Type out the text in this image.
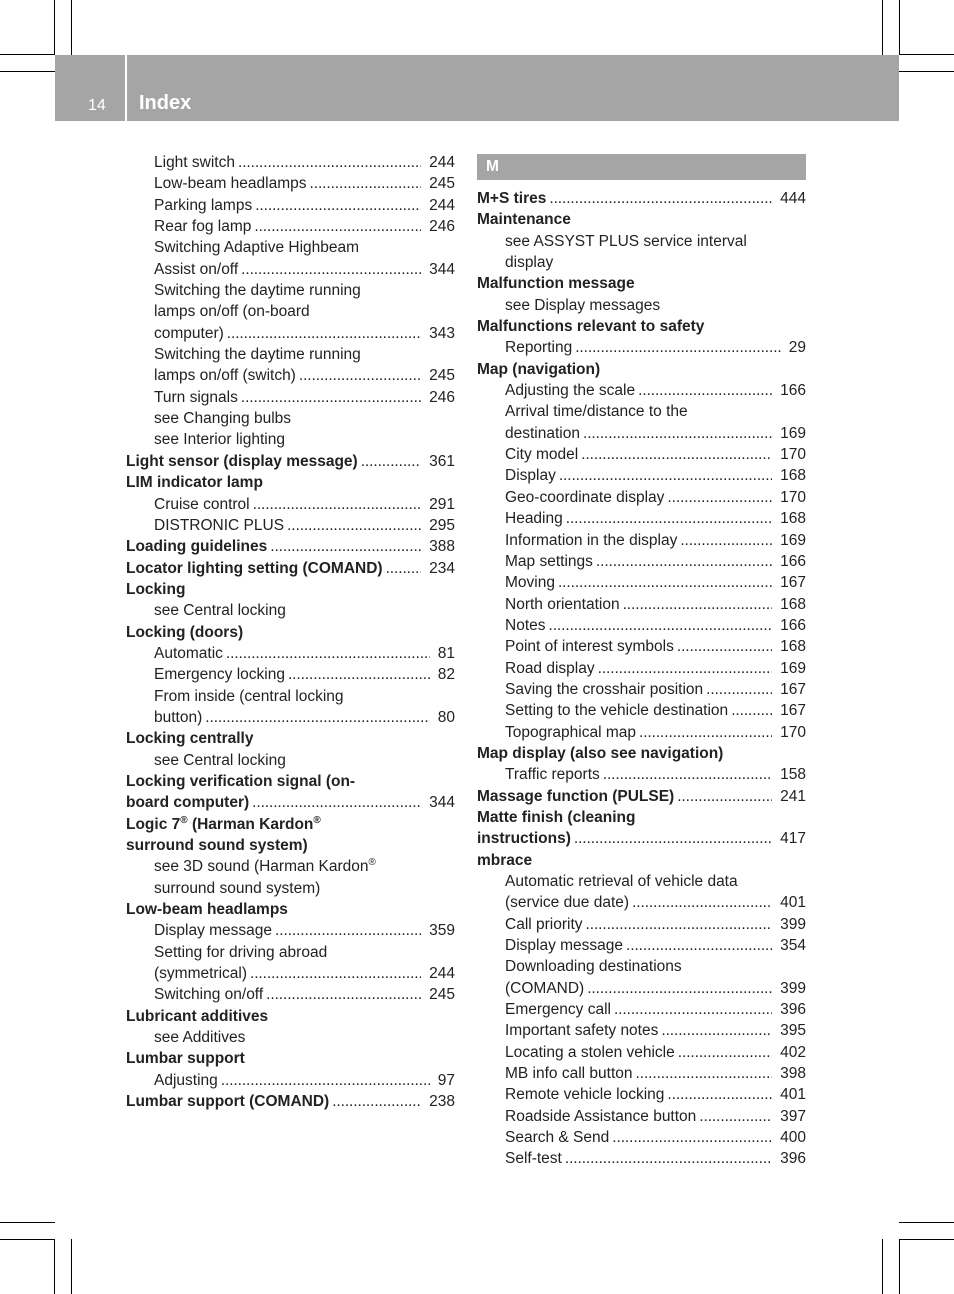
14 Index
Light switch . . .	244
Low-beam headlamps . . .	245
Parking lamps . . .	244
Rear fog lamp . . .	246
Switching Adaptive Highbeam
Assist on/off . . .	344
Switching the daytime running
lamps on/off (on-board
computer) . . .	343
Switching the daytime running
lamps on/off (switch) . . .	245
Turn signals . . .	246
see Changing bulbs
see Interior lighting
Light sensor (display message) . . .	361
LIM indicator lamp
Cruise control . . .	291
DISTRONIC PLUS . . .	295
Loading guidelines . . .	388
Locator lighting setting (COMAND) . . .	234
Locking
see Central locking
Locking (doors)
Automatic . . .	81
Emergency locking . . .	82
From inside (central locking
button) . . .	80
Locking centrally
see Central locking
Locking verification signal (on-
board computer) . . .	344
Logic 7® (Harman Kardon®
surround sound system)
see 3D sound (Harman Kardon®
surround sound system)
Low-beam headlamps
Display message . . .	359
Setting for driving abroad
(symmetrical) . . .	244
Switching on/off . . .	245
Lubricant additives
see Additives
Lumbar support
Adjusting . . .	97
Lumbar support (COMAND) . . .	238
M
M+S tires . . .	444
Maintenance
see ASSYST PLUS service interval
display
Malfunction message
see Display messages
Malfunctions relevant to safety
Reporting . . .	29
Map (navigation)
Adjusting the scale . . .	166
Arrival time/distance to the
destination . . .	169
City model . . .	170
Display . . .	168
Geo-coordinate display . . .	170
Heading . . .	168
Information in the display . . .	169
Map settings . . .	166
Moving . . .	167
North orientation . . .	168
Notes . . .	166
Point of interest symbols . . .	168
Road display . . .	169
Saving the crosshair position . . .	167
Setting to the vehicle destination . . .	167
Topographical map . . .	170
Map display (also see navigation)
Traffic reports . . .	158
Massage function (PULSE) . . .	241
Matte finish (cleaning
instructions) . . .	417
mbrace
Automatic retrieval of vehicle data
(service due date) . . .	401
Call priority . . .	399
Display message . . .	354
Downloading destinations
(COMAND) . . .	399
Emergency call . . .	396
Important safety notes . . .	395
Locating a stolen vehicle . . .	402
MB info call button . . .	398
Remote vehicle locking . . .	401
Roadside Assistance button . . .	397
Search & Send . . .	400
Self-test . . .	396
